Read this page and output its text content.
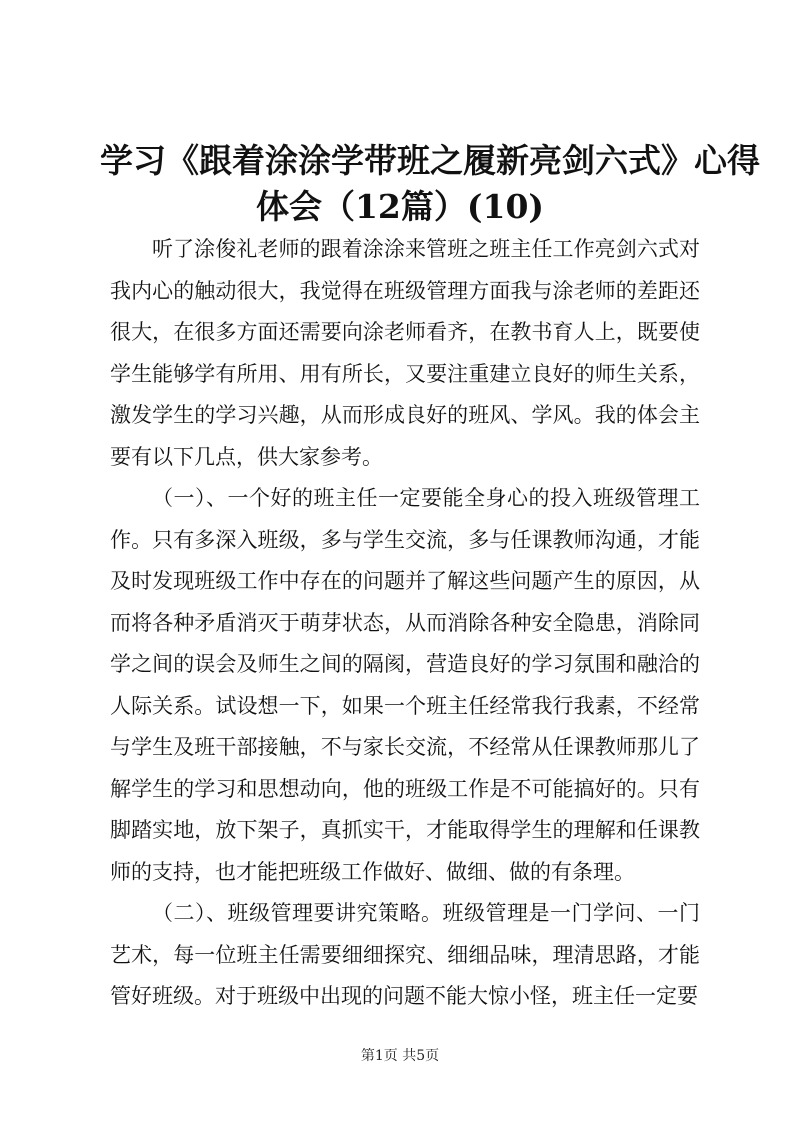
学习《跟着涂涂学带班之履新亮剑六式》心得
体会（12篇）(10)

听了涂俊礼老师的跟着涂涂来管班之班主任工作亮剑六式对我内心的触动很大，我觉得在班级管理方面我与涂老师的差距还很大，在很多方面还需要向涂老师看齐，在教书育人上，既要使学生能够学有所用、用有所长，又要注重建立良好的师生关系，激发学生的学习兴趣，从而形成良好的班风、学风。我的体会主要有以下几点，供大家参考。

（一）、一个好的班主任一定要能全身心的投入班级管理工作。只有多深入班级，多与学生交流，多与任课教师沟通，才能及时发现班级工作中存在的问题并了解这些问题产生的原因，从而将各种矛盾消灭于萌芽状态，从而消除各种安全隐患，消除同学之间的误会及师生之间的隔阂，营造良好的学习氛围和融洽的人际关系。试设想一下，如果一个班主任经常我行我素，不经常与学生及班干部接触，不与家长交流，不经常从任课教师那儿了解学生的学习和思想动向，他的班级工作是不可能搞好的。只有脚踏实地，放下架子，真抓实干，才能取得学生的理解和任课教师的支持，也才能把班级工作做好、做细、做的有条理。

（二）、班级管理要讲究策略。班级管理是一门学问、一门艺术，每一位班主任需要细细探究、细细品味，理清思路，才能管好班级。对于班级中出现的问题不能大惊小怪，班主任一定要

第1页 共5页
